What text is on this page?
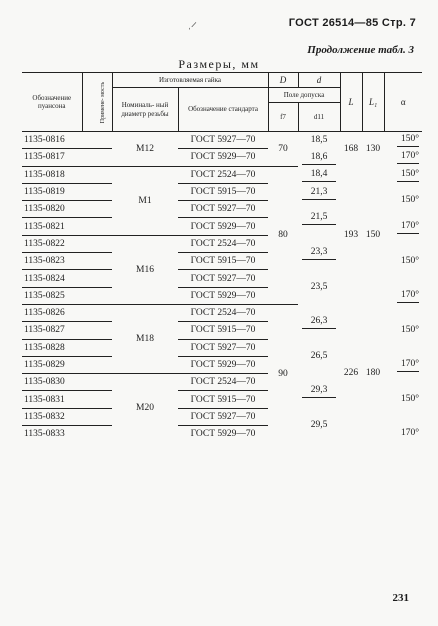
ГОСТ 26514—85 Стр. 7
ˌ ̷
Продолжение табл. 3
Размеры, мм
Обозначение пуансона	Примене- мость	Изготовляемая гайка		D	d	L	L₁	α
		Номиналь- ный диаметр резьбы	Обозначение стандарта	Поле допуска				
				f7	d11			
1135-0816		М12	ГОСТ 5927—70	70	18,5	168	130	150°
1135-0817			ГОСТ 5929—70		18,6			170°
1135-0818		М1	ГОСТ 2524—70	80	18,4	193	150	150°
1135-0819			ГОСТ 5915—70		21,3			150°
1135-0820			ГОСТ 5927—70		21,5			

1135-0821			ГОСТ 5929—70					170°
1135-0822		М16	ГОСТ 2524—70		23,3			150°
1135-0823			ГОСТ 5915—70					
1135-0824			ГОСТ 5927—70		23,5			

1135-0825			ГОСТ 5929—70					170°
1135-0826		М18	ГОСТ 2524—70	90	26,3	226	180	150°
1135-0827			ГОСТ 5915—70					
1135-0828			ГОСТ 5927—70		26,5			

1135-0829			ГОСТ 5929—70					170°
1135-0830		М20	ГОСТ 2524—70		29,3			150°
1135-0831			ГОСТ 5915—70					
1135-0832			ГОСТ 5927—70		29,5			

1135-0833			ГОСТ 5929—70					170°
231
